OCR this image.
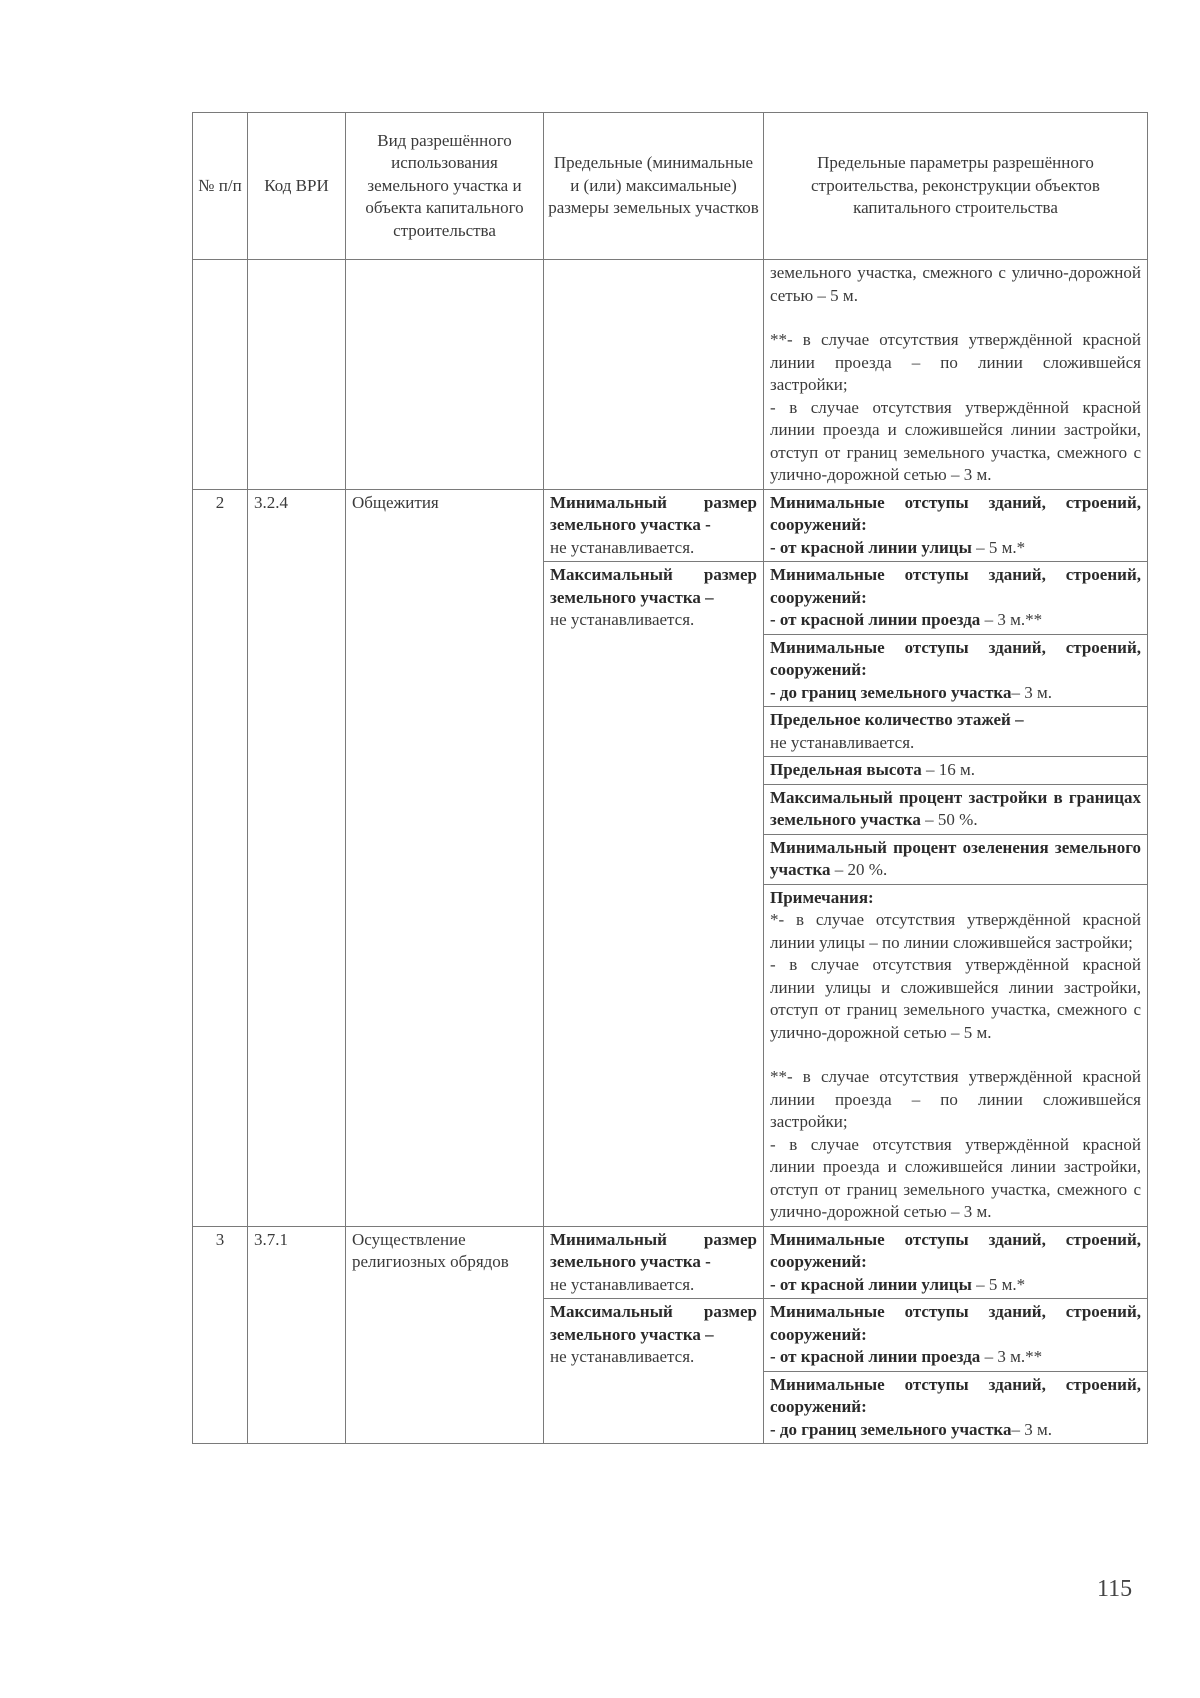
№ п/п	Код ВРИ	Вид разрешённого использования земельного участка и объекта капитального строительства	Предельные (минимальные и (или) максимальные) размеры земельных участков	Предельные параметры разрешённого строительства, реконструкции объектов капитального строительства

				земельного участка, смежного с улично-дорожной сетью – 5 м.
**- в случае отсутствия утверждённой красной линии проезда – по линии сложившейся застройки;
- в случае отсутствия утверждённой красной линии проезда и сложившейся линии застройки, отступ от границ земельного участка, смежного с улично-дорожной сетью – 3 м.

2	3.2.4	Общежития	Минимальный размер земельного участка -
не устанавливается.	Минимальные отступы зданий, строений, сооружений:
- от красной линии улицы – 5 м.*

			Максимальный размер земельного участка –
не устанавливается.	Минимальные отступы зданий, строений, сооружений:
- от красной линии проезда – 3 м.**

				Минимальные отступы зданий, строений, сооружений:
- до границ земельного участка– 3 м.

				Предельное количество этажей –
не устанавливается.

				Предельная высота – 16 м.
				Максимальный процент застройки в границах земельного участка – 50 %.
				Минимальный процент озеленения земельного участка – 20 %.

				Примечания:
*- в случае отсутствия утверждённой красной линии улицы – по линии сложившейся застройки;
- в случае отсутствия утверждённой красной линии улицы и сложившейся линии застройки, отступ от границ земельного участка, смежного с улично-дорожной сетью – 5 м.
**- в случае отсутствия утверждённой красной линии проезда – по линии сложившейся застройки;
- в случае отсутствия утверждённой красной линии проезда и сложившейся линии застройки, отступ от границ земельного участка, смежного с улично-дорожной сетью – 3 м.

3	3.7.1	Осуществление религиозных обрядов	Минимальный размер земельного участка -
не устанавливается.	Минимальные отступы зданий, строений, сооружений:
- от красной линии улицы – 5 м.*

			Максимальный размер земельного участка –
не устанавливается.	Минимальные отступы зданий, строений, сооружений:
- от красной линии проезда – 3 м.**

				Минимальные отступы зданий, строений, сооружений:
- до границ земельного участка– 3 м.
115
